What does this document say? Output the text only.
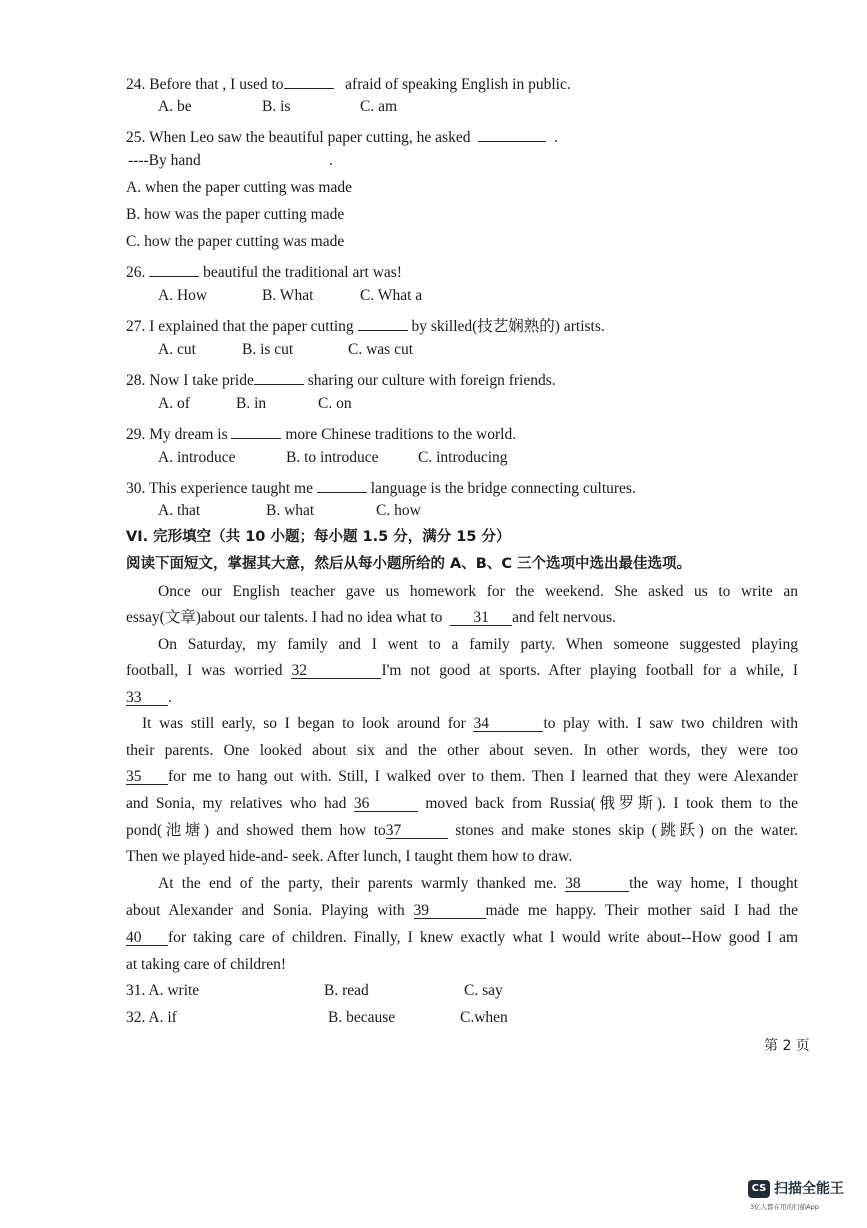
24. Before that , I used to	afraid of speaking English in public.
A. be	B. is	C. am
25. When Leo saw the beautiful paper cutting, he asked	.
----By hand	.
A. when the paper cutting was made
B. how was the paper cutting made
C. how the paper cutting was made
26.	beautiful the traditional art was!
A. How	B. What	C. What a
27. I explained that the paper cutting	by skilled(技艺娴熟的) artists.
A. cut	B. is cut	C. was cut
28. Now I take pride	sharing our culture with foreign friends.
A. of	B. in	C. on
29. My dream is	more Chinese traditions to the world.
A. introduce	B. to introduce	C. introducing
30. This experience taught me	language is the bridge connecting cultures.
A. that	B. what	C. how
VI. 完形填空（共 10 小题；每小题 1.5 分，满分 15 分）
阅读下面短文，掌握其大意，然后从每小题所给的 A、B、C 三个选项中选出最佳选项。
Once our English teacher gave us homework for the weekend. She asked us to write an
essay(文章)about our talents. I had no idea what to 31 and felt nervous.
On Saturday, my family and I went to a family party. When someone suggested playing
football, I was worried 32	I'm not good at sports. After playing football for a while, I
33 .
It was still early, so I began to look around for 34	to play with. I saw two children with
their parents. One looked about six and the other about seven. In other words, they were too
35 for me to hang out with. Still, I walked over to them. Then I learned that they were Alexander
and Sonia, my relatives who had 36	moved back from Russia(俄罗斯). I took them to the
pond(池塘) and showed them how to37	stones and make stones skip (跳跃) on the water.
Then we played hide-and- seek. After lunch, I taught them how to draw.
At the end of the party, their parents warmly thanked me. 38	the way home, I thought
about Alexander and Sonia. Playing with 39	made me happy. Their mother said I had the
40 for taking care of children. Finally, I knew exactly what I would write about--How good I am
at taking care of children!
31. A. write	B. read	C. say
32. A. if	B. because	C.when
第 2 页
CS 扫描全能王
3亿人都在用的扫描App
